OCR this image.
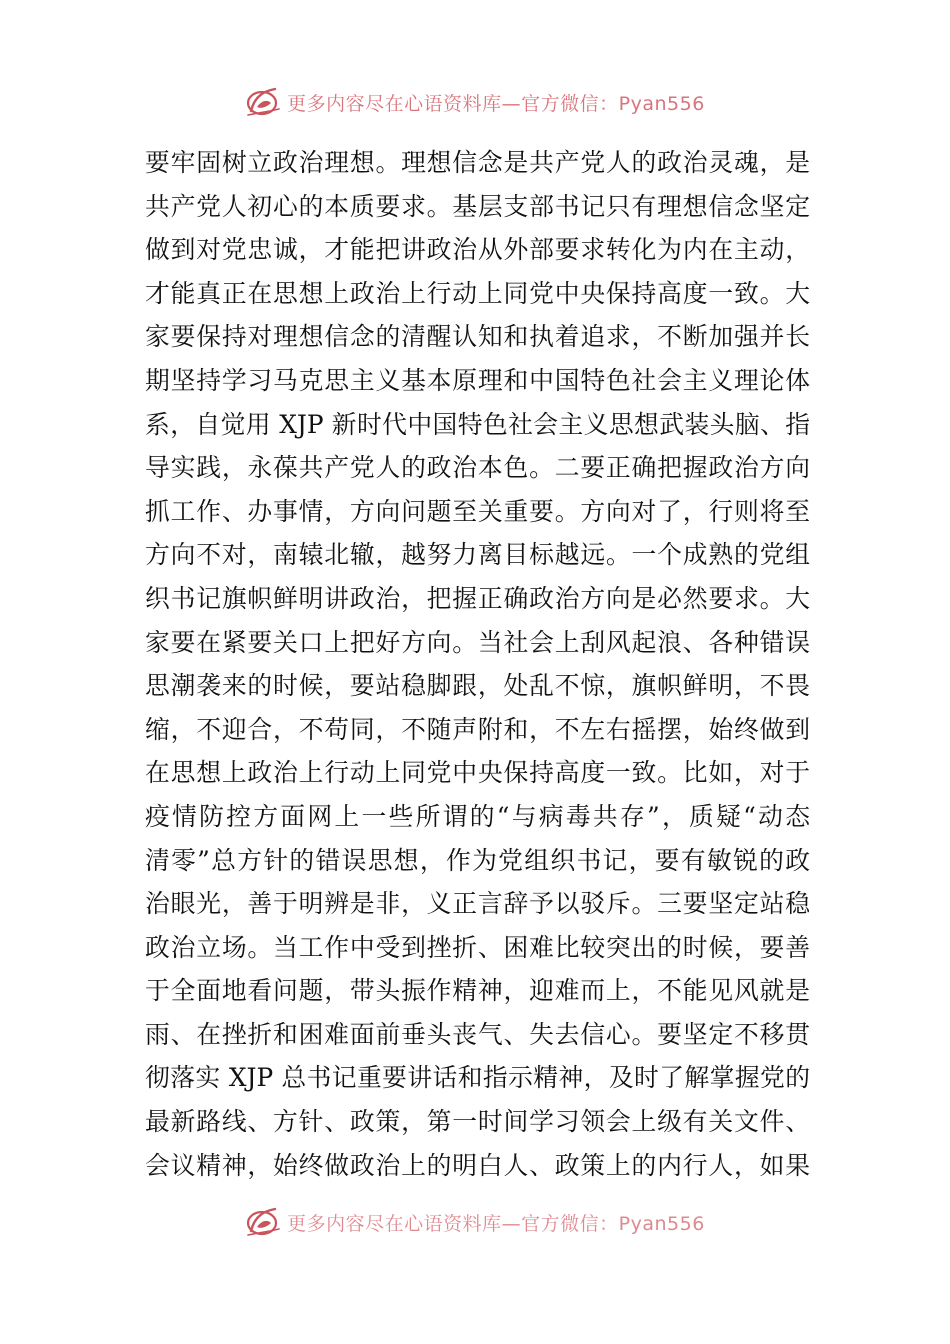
更多内容尽在心语资料库—官方微信：Pyan556
要牢固树立政治理想。理想信念是共产党人的政治灵魂，是
共产党人初心的本质要求。基层支部书记只有理想信念坚定
做到对党忠诚，才能把讲政治从外部要求转化为内在主动，
才能真正在思想上政治上行动上同党中央保持高度一致。大
家要保持对理想信念的清醒认知和执着追求，不断加强并长
期坚持学习马克思主义基本原理和中国特色社会主义理论体
系，自觉用 XJP 新时代中国特色社会主义思想武装头脑、指
导实践，永葆共产党人的政治本色。二要正确把握政治方向
抓工作、办事情，方向问题至关重要。方向对了，行则将至
方向不对，南辕北辙，越努力离目标越远。一个成熟的党组
织书记旗帜鲜明讲政治，把握正确政治方向是必然要求。大
家要在紧要关口上把好方向。当社会上刮风起浪、各种错误
思潮袭来的时候，要站稳脚跟，处乱不惊，旗帜鲜明，不畏
缩，不迎合，不苟同，不随声附和，不左右摇摆，始终做到
在思想上政治上行动上同党中央保持高度一致。比如，对于
疫情防控方面网上一些所谓的“与病毒共存”，质疑“动态
清零”总方针的错误思想，作为党组织书记，要有敏锐的政
治眼光，善于明辨是非，义正言辞予以驳斥。三要坚定站稳
政治立场。当工作中受到挫折、困难比较突出的时候，要善
于全面地看问题，带头振作精神，迎难而上，不能见风就是
雨、在挫折和困难面前垂头丧气、失去信心。要坚定不移贯
彻落实 XJP 总书记重要讲话和指示精神，及时了解掌握党的
最新路线、方针、政策，第一时间学习领会上级有关文件、
会议精神，始终做政治上的明白人、政策上的内行人，如果
更多内容尽在心语资料库—官方微信：Pyan556
